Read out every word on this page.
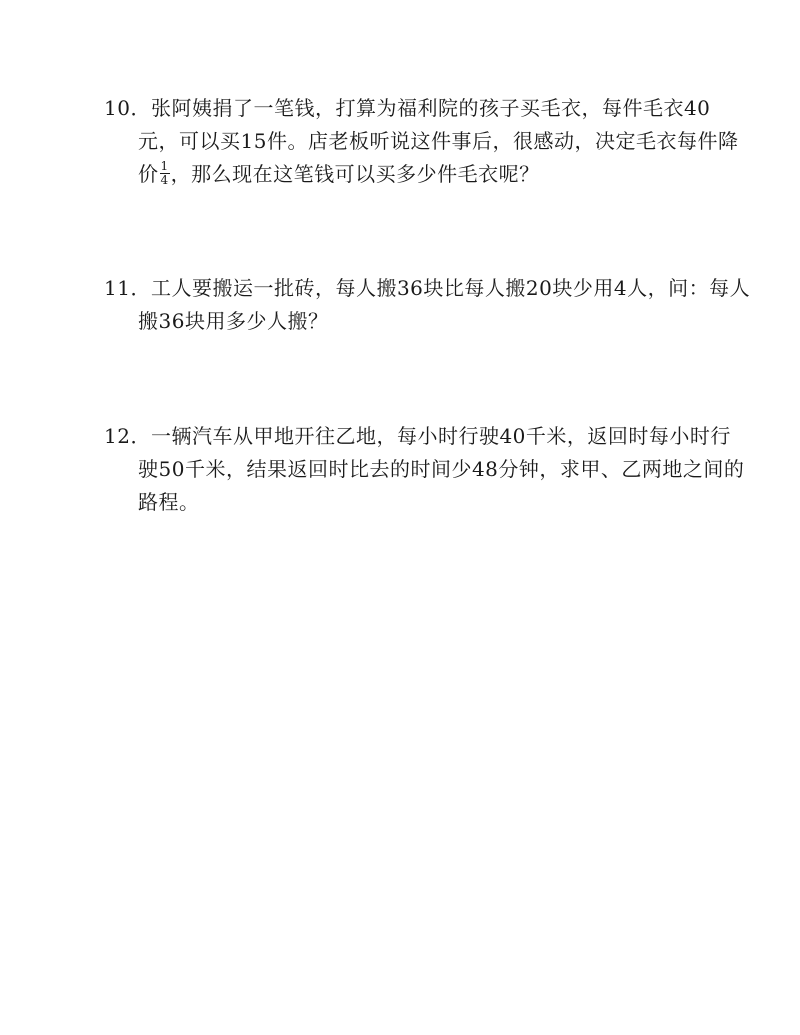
10．张阿姨捐了一笔钱，打算为福利院的孩子买毛衣，每件毛衣40
元，可以买15件。店老板听说这件事后，很感动，决定毛衣每件降
价 $\frac{1}{4}$ ，那么现在这笔钱可以买多少件毛衣呢？
11．工人要搬运一批砖，每人搬36块比每人搬20块少用4人，问：每人
搬36块用多少人搬？
12．一辆汽车从甲地开往乙地，每小时行驶40千米，返回时每小时行
驶50千米，结果返回时比去的时间少48分钟，求甲、乙两地之间的
路程。
